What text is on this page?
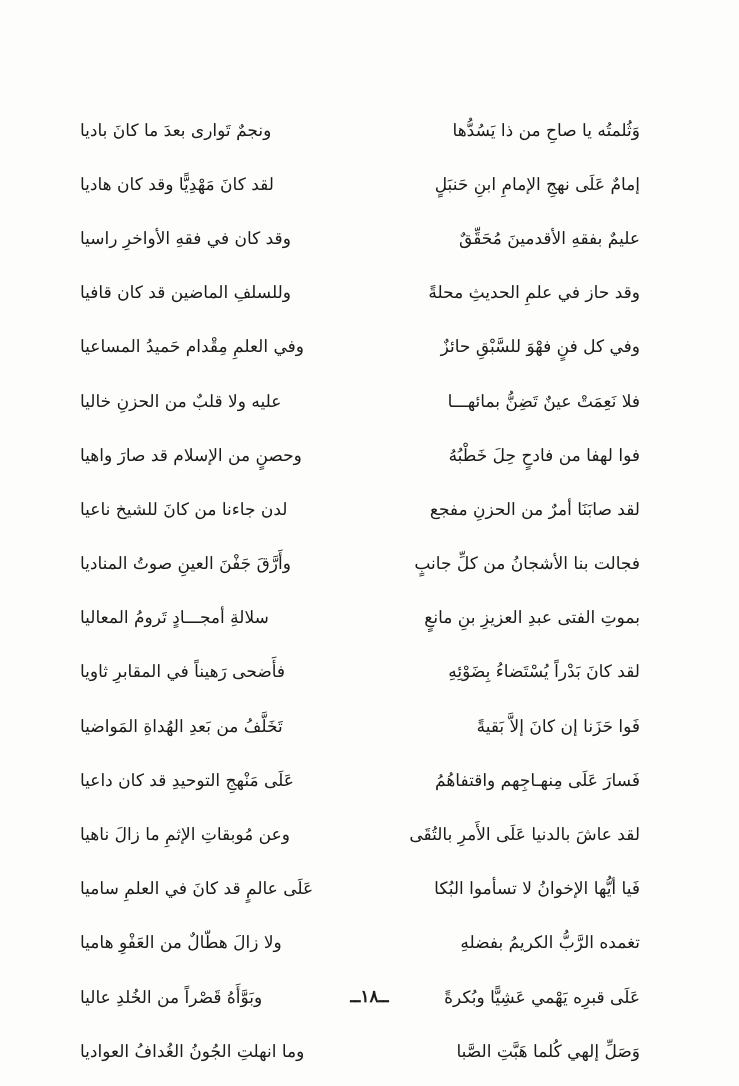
وَثُلمتُه يا صاحِ من ذا يَسُدُّها
ونجمٌ تَوارى بعدَ ما كانَ باديا
إمامٌ عَلَى نهجِ الإمامِ ابنِ حَنبَلٍ
لقد كانَ مَهْدِيًّا وقد كان هاديا
عليمٌ بفقهِ الأقدمينَ مُحَقِّقٌ
وقد كان في فقهِ الأواخرِ راسيا
وقد حاز في علمِ الحديثِ محلةً
وللسلفِ الماضين قد كان قافيا
وفي كل فنٍ فهْوَ للسَّبْقِ حائزٌ
وفي العلمِ مِقْدام حَميدُ المساعيا
فلا نَعِمَتْ عينٌ تَضِنُّ بمائهـــا
عليه ولا قلبٌ من الحزنِ خاليا
فوا لهفا من فادحٍ حِلَ خَطْبُهُ
وحصنٍ من الإسلام قد صارَ واهيا
لقد صابَنَا أمرٌ من الحزنِ مفجع
لدن جاءنا من كانَ للشيخ ناعيا
فجالت بنا الأشجانُ من كلِّ جانبٍ
وأَرَّقَ جَفْنَ العينِ صوتُ المناديا
بموتِ الفتى عبدِ العزيزِ بنِ مانعٍ
سلالةِ أمجـــادٍ تَرومُ المعاليا
لقد كانَ بَدْراً يُسْتَضاءُ بِضَوْئِهِ
فأَضحى رَهيناً في المقابرِ ثاويا
فَوا حَزَنا إن كانَ إلاَّ بَقيةً
تَخَلَّفُ من بَعدِ الهُداةِ المَواضيا
فَسارَ عَلَى مِنهـاجِهم واقتفاهُمُ
عَلَى مَنْهجِ التوحيدِ قد كان داعيا
لقد عاشَ بالدنيا عَلَى الأَمرِ بالتُقَى
وعن مُوبقاتِ الإثمِ ما زالَ ناهيا
فَيا أيُّها الإخوانُ لا تسأموا البُكا
عَلَى عالمٍ قد كانَ في العلمِ ساميا
تغمده الرَّبُّ الكريمُ بفضلهِ
ولا زالَ هطّالٌ من العَفْوِ هاميا
عَلَى قبرِه يَهْمي عَشِيًّا وبُكرةً
وبَوَّأَهُ قَصْراً من الخُلدِ عاليا
وَصَلِّ إلهي كُلما هَبَّتِ الصَّبا
وما انهلتِ الجُونُ الغُدافُ العواديا
ــ١٨ــ
